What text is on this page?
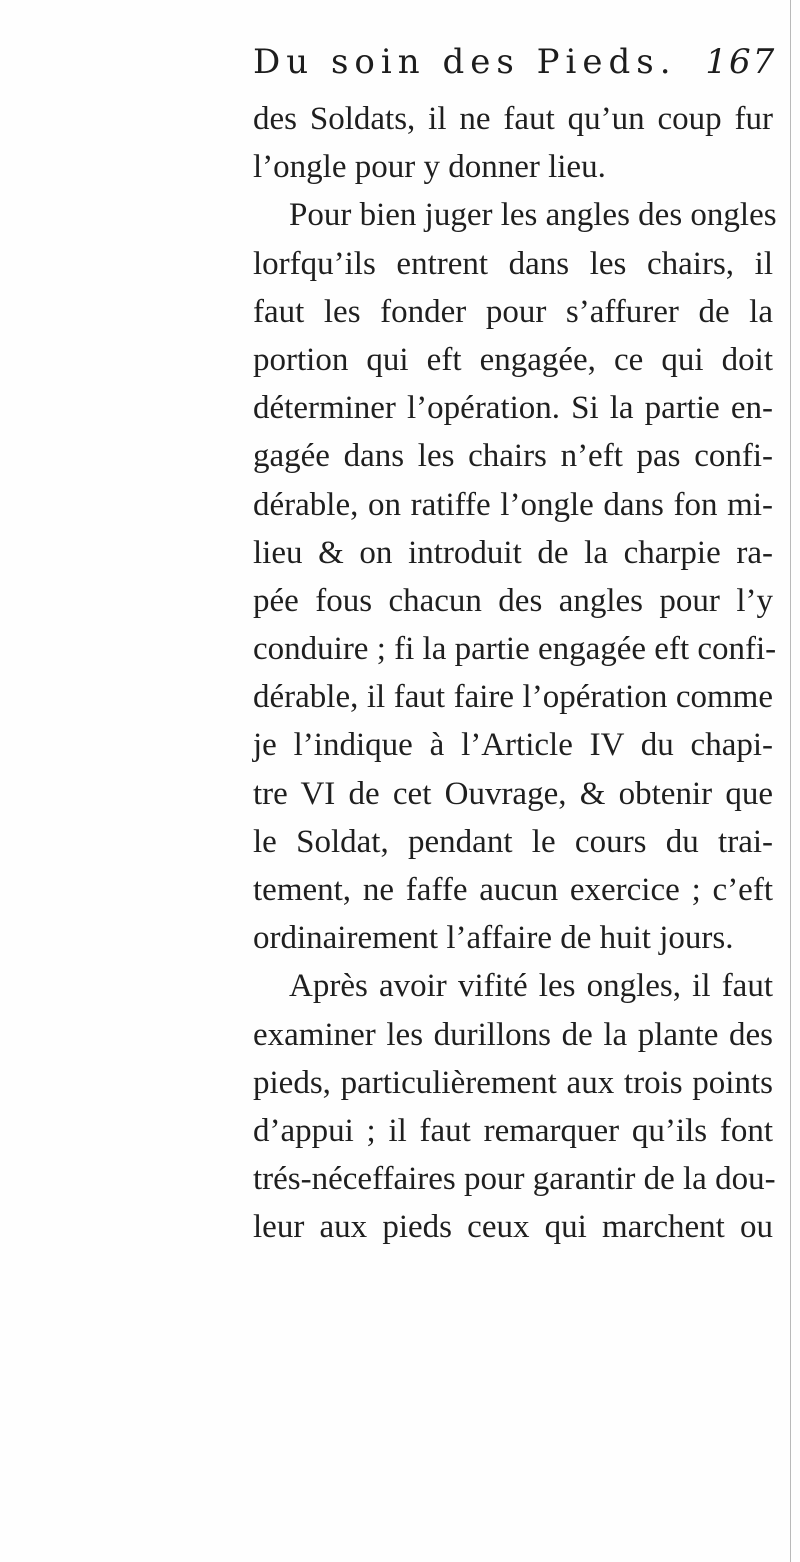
Du soin des Pieds. 167
des Soldats, il ne faut qu’un coup fur
l’ongle pour y donner lieu.
Pour bien juger les angles des ongles
lorfqu’ils entrent dans les chairs, il
faut les fonder pour s’affurer de la
portion qui eft engagée, ce qui doit
déterminer l’opération. Si la partie en-
gagée dans les chairs n’eft pas confi-
dérable, on ratiffe l’ongle dans fon mi-
lieu & on introduit de la charpie ra-
pée fous chacun des angles pour l’y
conduire ; fi la partie engagée eft confi-
dérable, il faut faire l’opération comme
je l’indique à l’Article IV du chapi-
tre VI de cet Ouvrage, & obtenir que
le Soldat, pendant le cours du trai-
tement, ne faffe aucun exercice ; c’eft
ordinairement l’affaire de huit jours.
Après avoir vifité les ongles, il faut
examiner les durillons de la plante des
pieds, particulièrement aux trois points
d’appui ; il faut remarquer qu’ils font
trés-néceffaires pour garantir de la dou-
leur aux pieds ceux qui marchent ou
